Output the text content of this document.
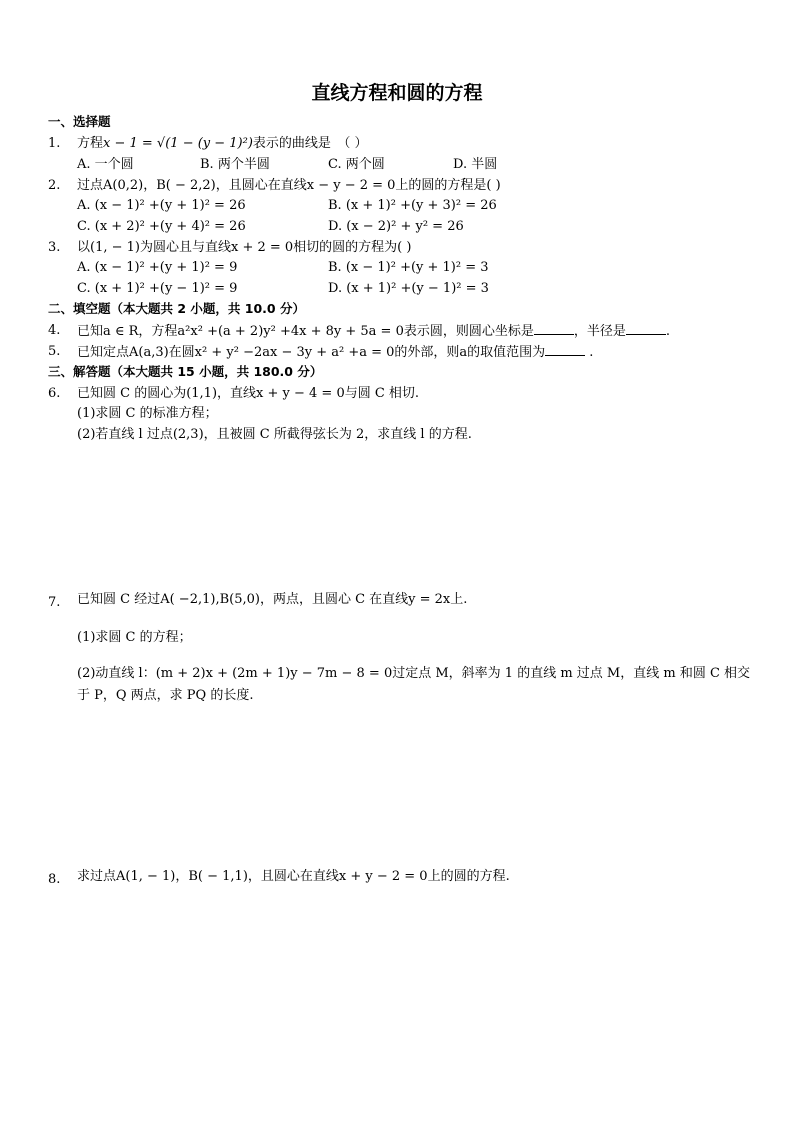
直线方程和圆的方程
一、选择题
1. 方程x − 1 = √(1 − (y − 1)²)表示的曲线是　（ ）
A. 一个圆	B. 两个半圆	C. 两个圆	D. 半圆
2. 过点A(0,2)，B( − 2,2)，且圆心在直线x − y − 2 = 0上的圆的方程是( )
A. (x − 1)² +(y + 1)² = 26	B. (x + 1)² +(y + 3)² = 26
C. (x + 2)² +(y + 4)² = 26	D. (x − 2)² + y² = 26
3. 以(1, − 1)为圆心且与直线x + 2 = 0相切的圆的方程为( )
A. (x − 1)² +(y + 1)² = 9	B. (x − 1)² +(y + 1)² = 3
C. (x + 1)² +(y − 1)² = 9	D. (x + 1)² +(y − 1)² = 3
二、填空题（本大题共 2 小题，共 10.0 分）
4. 已知a ∈ R，方程a²x² +(a + 2)y² +4x + 8y + 5a = 0表示圆，则圆心坐标是	，半径是	.
5. 已知定点A(a,3)在圆x² + y² −2ax − 3y + a² +a = 0的外部，则a的取值范围为	.
三、解答题（本大题共 15 小题，共 180.0 分）
6. 已知圆 C 的圆心为(1,1)，直线x + y − 4 = 0与圆 C 相切.
(1)求圆 C 的标准方程；
(2)若直线 l 过点(2,3)，且被圆 C 所截得弦长为 2，求直线 l 的方程.
7. 已知圆 C 经过A( −2,1),B(5,0)，两点，且圆心 C 在直线y = 2x上.
(1)求圆 C 的方程；
(2)动直线 l：(m + 2)x + (2m + 1)y − 7m − 8 = 0过定点 M，斜率为 1 的直线 m 过点 M，直线 m 和圆 C 相交
于 P，Q 两点，求 PQ 的长度.
8. 求过点A(1, − 1)，B( − 1,1)，且圆心在直线x + y − 2 = 0上的圆的方程.
